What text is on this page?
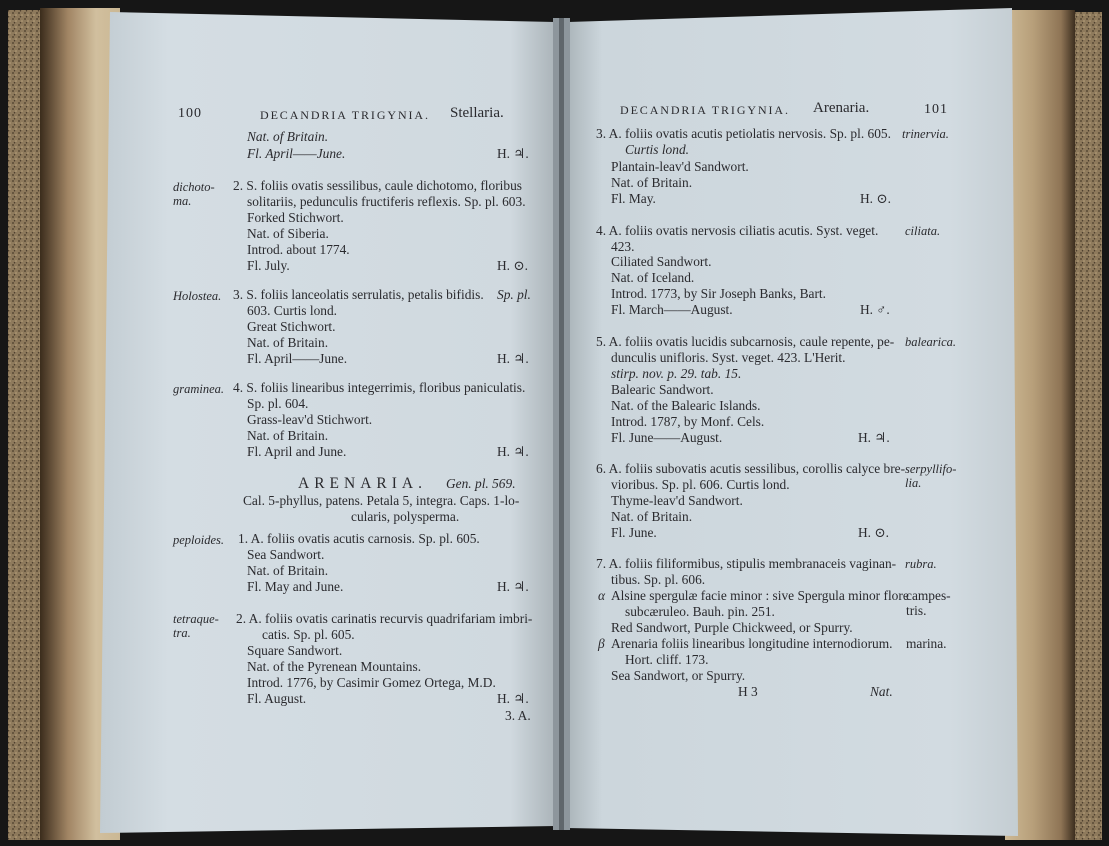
100	DECANDRIA TRIGYNIA. Stellaria.
Nat. of Britain.
Fl. April——June.	H. ♃.
dichoto-
ma.
2. S. foliis ovatis sessilibus, caule dichotomo, floribus
solitariis, pedunculis fructiferis reflexis. Sp. pl. 603.
Forked Stichwort.
Nat. of Siberia.
Introd. about 1774.
Fl. July.	H. ⊙.
Holostea. 3. S. foliis lanceolatis serrulatis, petalis bifidis. Sp. pl.
603. Curtis lond.
Great Stichwort.
Nat. of Britain.
Fl. April——June.	H. ♃.
graminea. 4. S. foliis linearibus integerrimis, floribus paniculatis.
Sp. pl. 604.
Grass-leav'd Stichwort.
Nat. of Britain.
Fl. April and June.	H. ♃.
ARENARIA. Gen. pl. 569.
Cal. 5-phyllus, patens. Petala 5, integra. Caps. 1-lo-
cularis, polysperma.
peploides. 1. A. foliis ovatis acutis carnosis. Sp. pl. 605.
Sea Sandwort.
Nat. of Britain.
Fl. May and June.	H. ♃.
tetraque-
tra.
2. A. foliis ovatis carinatis recurvis quadrifariam imbri-
catis. Sp. pl. 605.
Square Sandwort.
Nat. of the Pyrenean Mountains.
Introd. 1776, by Casimir Gomez Ortega, M.D.
Fl. August.	H. ♃.
3. A.
DECANDRIA TRIGYNIA. Arenaria.	101
trinervia.
3. A. foliis ovatis acutis petiolatis nervosis. Sp. pl. 605.
Curtis lond.
Plantain-leav'd Sandwort.
Nat. of Britain.
Fl. May.	H. ⊙.
ciliata.
4. A. foliis ovatis nervosis ciliatis acutis. Syst. veget.
423.
Ciliated Sandwort.
Nat. of Iceland.
Introd. 1773, by Sir Joseph Banks, Bart.
Fl. March——August.	H. ♂.
balearica.
5. A. foliis ovatis lucidis subcarnosis, caule repente, pe-
dunculis unifloris. Syst. veget. 423. L'Herit.
stirp. nov. p. 29. tab. 15.
Balearic Sandwort.
Nat. of the Balearic Islands.
Introd. 1787, by Monf. Cels.
Fl. June——August.	H. ♃.
serpyllifo-
lia.
6. A. foliis subovatis acutis sessilibus, corollis calyce bre-
vioribus. Sp. pl. 606. Curtis lond.
Thyme-leav'd Sandwort.
Nat. of Britain.
Fl. June.	H. ⊙.
rubra.
7. A. foliis filiformibus, stipulis membranaceis vaginan-
tibus. Sp. pl. 606.
α Alsine spergulæ facie minor : sive Spergula minor flore
subcæruleo. Bauh. pin. 251.
Red Sandwort, Purple Chickweed, or Spurry.
campes-
tris.
β Arenaria foliis linearibus longitudine internodiorum.
Hort. cliff. 173.
Sea Sandwort, or Spurry.
marina.
H 3	Nat.
